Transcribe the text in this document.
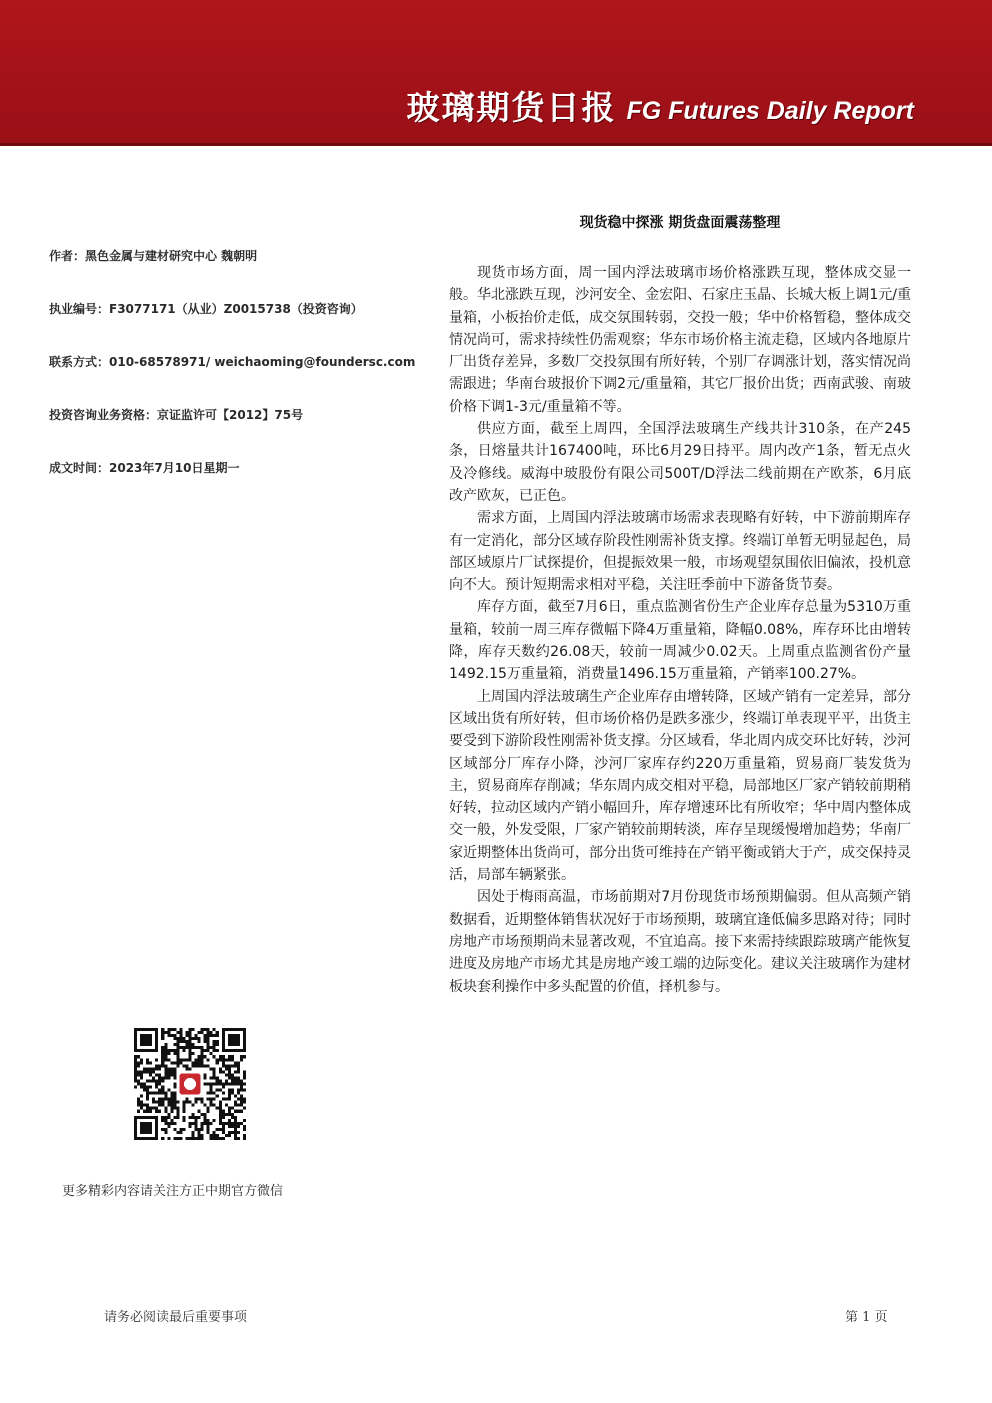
玻璃期货日报 FG Futures Daily Report
作者：黑色金属与建材研究中心 魏朝明
执业编号：F3077171（从业）Z0015738（投资咨询）
联系方式：010-68578971/ weichaoming@foundersc.com
投资咨询业务资格：京证监许可【2012】75号
成文时间：2023年7月10日星期一
更多精彩内容请关注方正中期官方微信
现货稳中探涨 期货盘面震荡整理

现货市场方面，周一国内浮法玻璃市场价格涨跌互现，整体成交显一般。华北涨跌互现，沙河安全、金宏阳、石家庄玉晶、长城大板上调1元/重量箱，小板抬价走低，成交氛围转弱，交投一般；华中价格暂稳，整体成交情况尚可，需求持续性仍需观察；华东市场价格主流走稳，区域内各地原片厂出货存差异，多数厂交投氛围有所好转，个别厂存调涨计划，落实情况尚需跟进；华南台玻报价下调2元/重量箱，其它厂报价出货；西南武骏、南玻价格下调1-3元/重量箱不等。

供应方面，截至上周四，全国浮法玻璃生产线共计310条，在产245条，日熔量共计167400吨，环比6月29日持平。周内改产1条，暂无点火及冷修线。威海中玻股份有限公司500T/D浮法二线前期在产欧茶，6月底改产欧灰，已正色。

需求方面，上周国内浮法玻璃市场需求表现略有好转，中下游前期库存有一定消化，部分区域存阶段性刚需补货支撑。终端订单暂无明显起色，局部区域原片厂试探提价，但提振效果一般，市场观望氛围依旧偏浓，投机意向不大。预计短期需求相对平稳，关注旺季前中下游备货节奏。

库存方面，截至7月6日，重点监测省份生产企业库存总量为5310万重量箱，较前一周三库存微幅下降4万重量箱，降幅0.08%，库存环比由增转降，库存天数约26.08天，较前一周减少0.02天。上周重点监测省份产量1492.15万重量箱，消费量1496.15万重量箱，产销率100.27%。

上周国内浮法玻璃生产企业库存由增转降，区域产销有一定差异，部分区域出货有所好转，但市场价格仍是跌多涨少，终端订单表现平平，出货主要受到下游阶段性刚需补货支撑。分区域看，华北周内成交环比好转，沙河区域部分厂库存小降，沙河厂家库存约220万重量箱，贸易商厂装发货为主，贸易商库存削减；华东周内成交相对平稳，局部地区厂家产销较前期稍好转，拉动区域内产销小幅回升，库存增速环比有所收窄；华中周内整体成交一般，外发受限，厂家产销较前期转淡，库存呈现缓慢增加趋势；华南厂家近期整体出货尚可，部分出货可维持在产销平衡或销大于产，成交保持灵活，局部车辆紧张。

因处于梅雨高温，市场前期对7月份现货市场预期偏弱。但从高频产销数据看，近期整体销售状况好于市场预期，玻璃宜逢低偏多思路对待；同时房地产市场预期尚未显著改观，不宜追高。接下来需持续跟踪玻璃产能恢复进度及房地产市场尤其是房地产竣工端的边际变化。建议关注玻璃作为建材板块套利操作中多头配置的价值，择机参与。

请务必阅读最后重要事项	第 1 页
